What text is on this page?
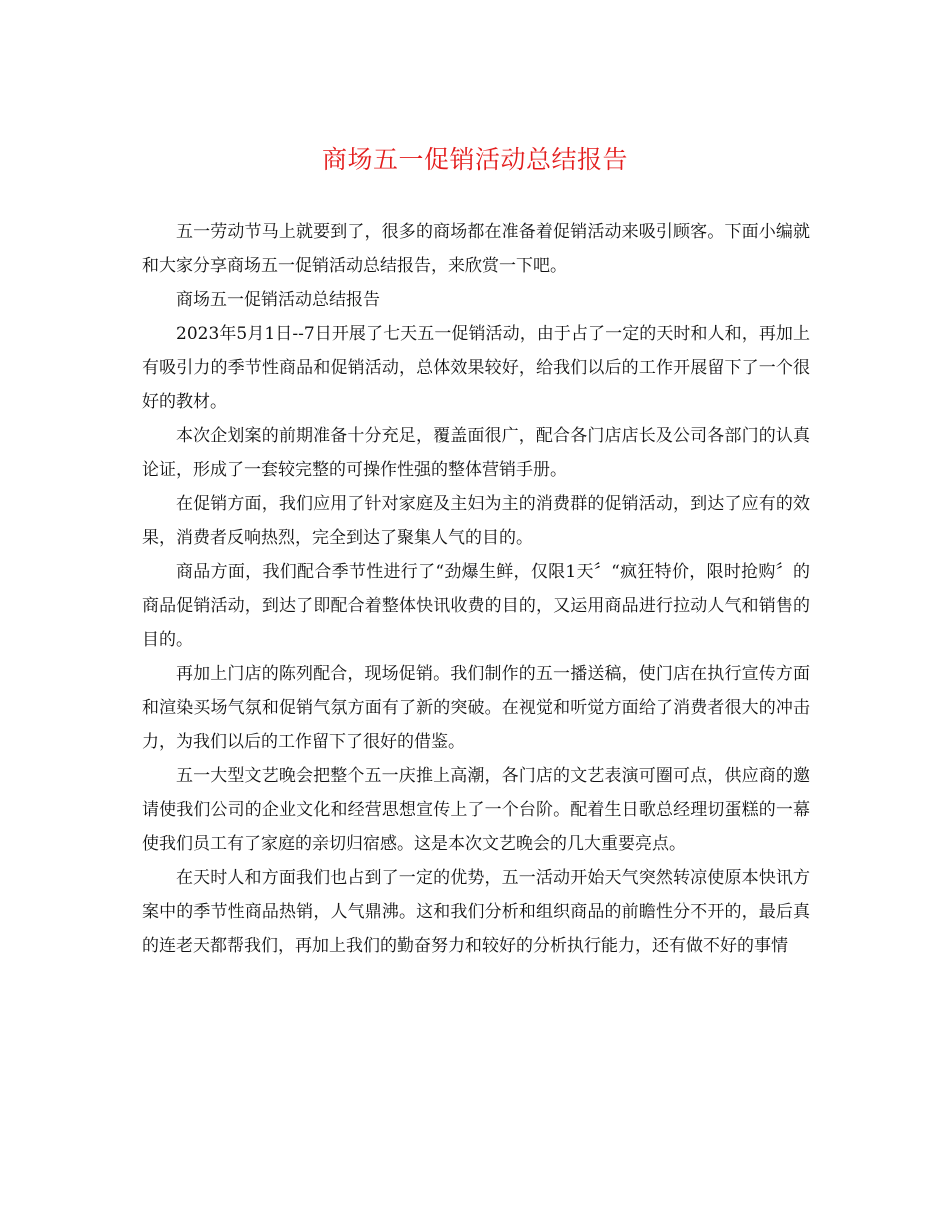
商场五一促销活动总结报告

五一劳动节马上就要到了，很多的商场都在准备着促销活动来吸引顾客。下面小编就和大家分享商场五一促销活动总结报告，来欣赏一下吧。

商场五一促销活动总结报告

2023年5月1日--7日开展了七天五一促销活动，由于占了一定的天时和人和，再加上有吸引力的季节性商品和促销活动，总体效果较好，给我们以后的工作开展留下了一个很好的教材。

本次企划案的前期准备十分充足，覆盖面很广，配合各门店店长及公司各部门的认真论证，形成了一套较完整的可操作性强的整体营销手册。

在促销方面，我们应用了针对家庭及主妇为主的消费群的促销活动，到达了应有的效果，消费者反响热烈，完全到达了聚集人气的目的。

商品方面，我们配合季节性进行了“劲爆生鲜，仅限1天〞“疯狂特价，限时抢购〞的商品促销活动，到达了即配合着整体快讯收费的目的，又运用商品进行拉动人气和销售的目的。

再加上门店的陈列配合，现场促销。我们制作的五一播送稿，使门店在执行宣传方面和渲染买场气氛和促销气氛方面有了新的突破。在视觉和听觉方面给了消费者很大的冲击力，为我们以后的工作留下了很好的借鉴。

五一大型文艺晚会把整个五一庆推上高潮，各门店的文艺表演可圈可点，供应商的邀请使我们公司的企业文化和经营思想宣传上了一个台阶。配着生日歌总经理切蛋糕的一幕使我们员工有了家庭的亲切归宿感。这是本次文艺晚会的几大重要亮点。

在天时人和方面我们也占到了一定的优势，五一活动开始天气突然转凉使原本快讯方案中的季节性商品热销，人气鼎沸。这和我们分析和组织商品的前瞻性分不开的，最后真的连老天都帮我们，再加上我们的勤奋努力和较好的分析执行能力，还有做不好的事情
